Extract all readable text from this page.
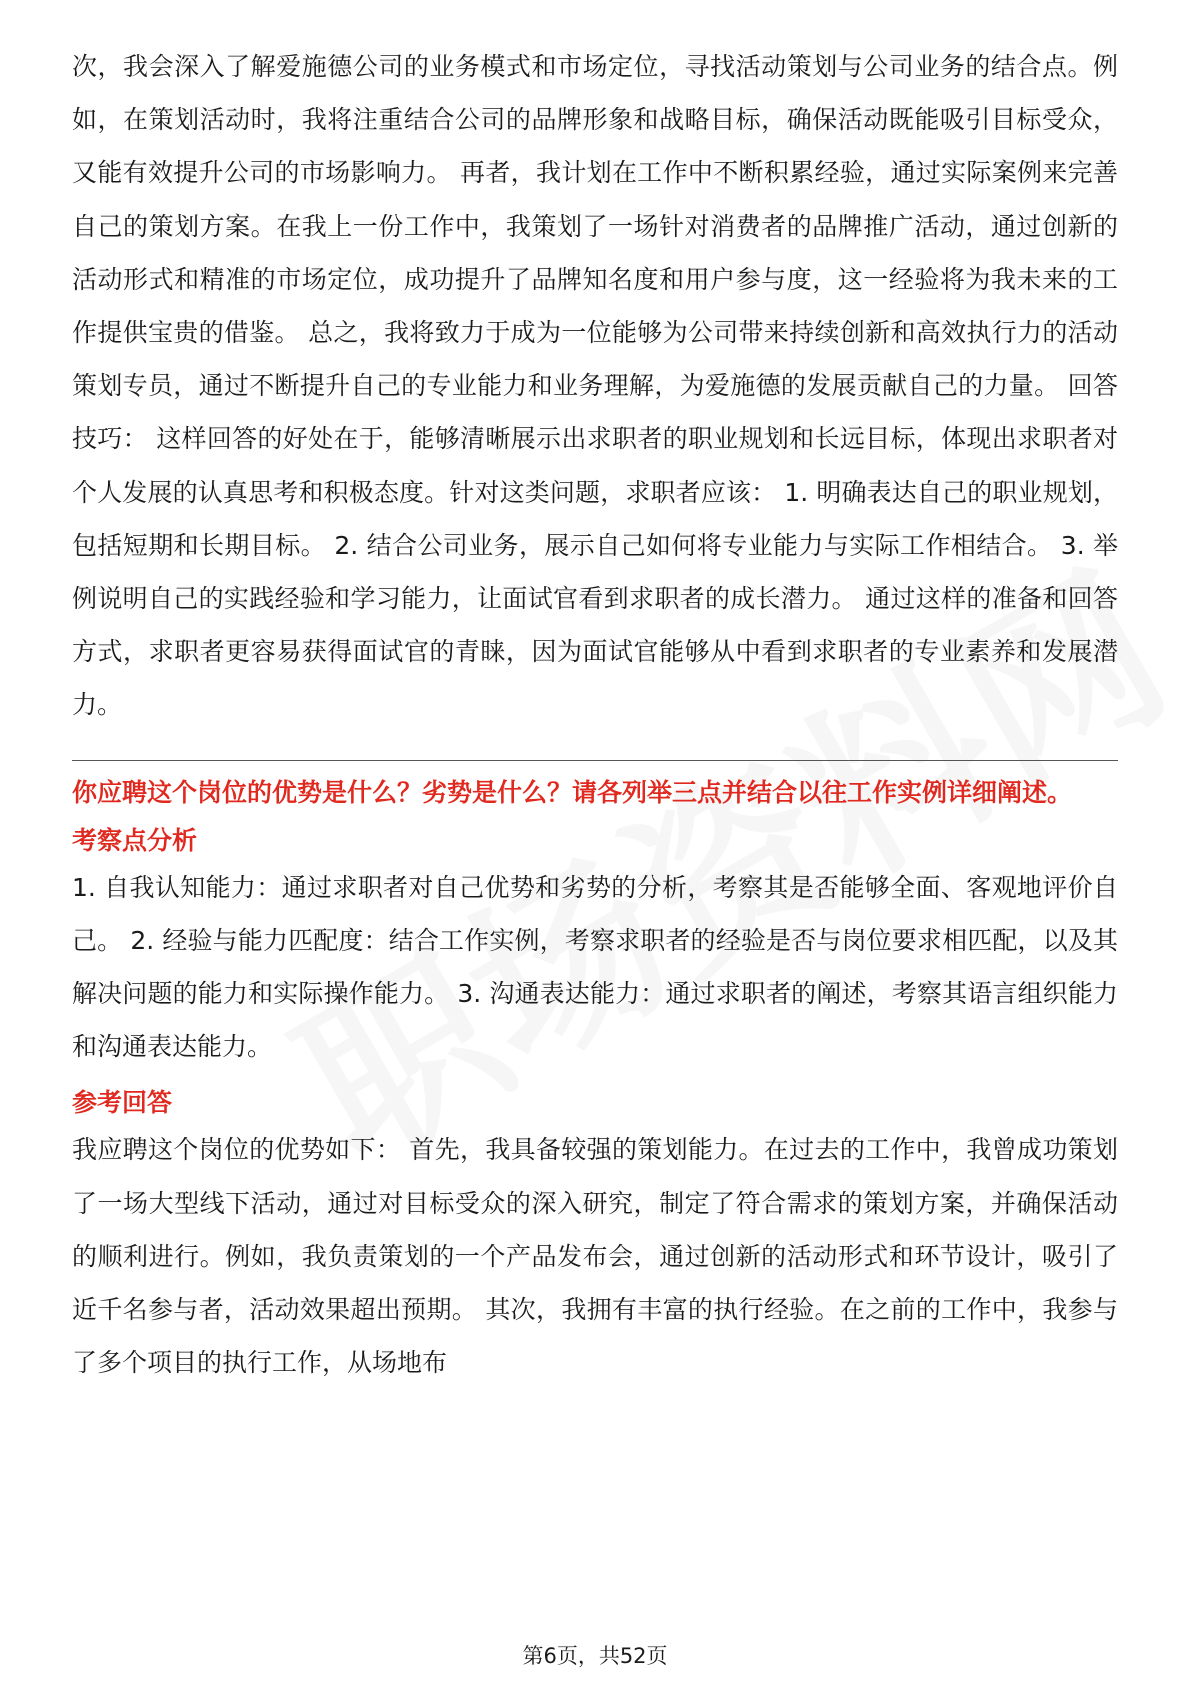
次，我会深入了解爱施德公司的业务模式和市场定位，寻找活动策划与公司业务的结合点。例如，在策划活动时，我将注重结合公司的品牌形象和战略目标，确保活动既能吸引目标受众，又能有效提升公司的市场影响力。 再者，我计划在工作中不断积累经验，通过实际案例来完善自己的策划方案。在我上一份工作中，我策划了一场针对消费者的品牌推广活动，通过创新的活动形式和精准的市场定位，成功提升了品牌知名度和用户参与度，这一经验将为我未来的工作提供宝贵的借鉴。 总之，我将致力于成为一位能够为公司带来持续创新和高效执行力的活动策划专员，通过不断提升自己的专业能力和业务理解，为爱施德的发展贡献自己的力量。 回答技巧： 这样回答的好处在于，能够清晰展示出求职者的职业规划和长远目标，体现出求职者对个人发展的认真思考和积极态度。针对这类问题，求职者应该： 1. 明确表达自己的职业规划，包括短期和长期目标。 2. 结合公司业务，展示自己如何将专业能力与实际工作相结合。 3. 举例说明自己的实践经验和学习能力，让面试官看到求职者的成长潜力。 通过这样的准备和回答方式，求职者更容易获得面试官的青睐，因为面试官能够从中看到求职者的专业素养和发展潜力。

你应聘这个岗位的优势是什么？劣势是什么？请各列举三点并结合以往工作实例详细阐述。

考察点分析

1. 自我认知能力：通过求职者对自己优势和劣势的分析，考察其是否能够全面、客观地评价自己。 2. 经验与能力匹配度：结合工作实例，考察求职者的经验是否与岗位要求相匹配，以及其解决问题的能力和实际操作能力。 3. 沟通表达能力：通过求职者的阐述，考察其语言组织能力和沟通表达能力。

参考回答

我应聘这个岗位的优势如下： 首先，我具备较强的策划能力。在过去的工作中，我曾成功策划了一场大型线下活动，通过对目标受众的深入研究，制定了符合需求的策划方案，并确保活动的顺利进行。例如，我负责策划的一个产品发布会，通过创新的活动形式和环节设计，吸引了近千名参与者，活动效果超出预期。 其次，我拥有丰富的执行经验。在之前的工作中，我参与了多个项目的执行工作，从场地布

第6页，共52页
